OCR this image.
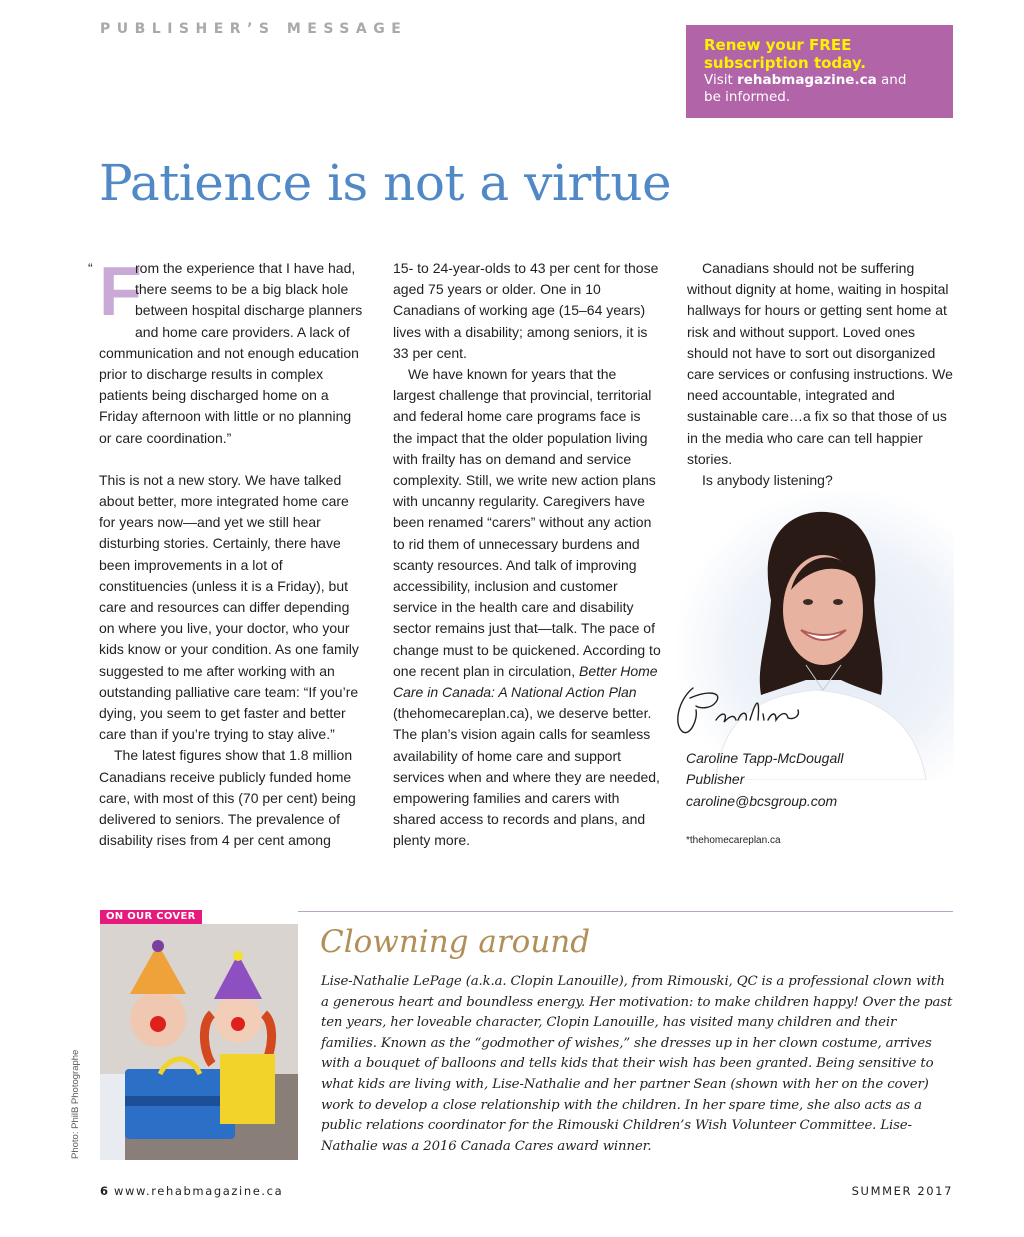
PUBLISHER’S MESSAGE
Renew your FREE
subscription today.
Visit rehabmagazine.ca and
be informed.
Patience is not a virtue
“ F
rom the experience that I have had, there seems to be a big black hole between hospital discharge planners and home care providers. A lack of communication and not enough education prior to discharge results in complex patients being discharged home on a Friday afternoon with little or no planning or care coordination.”

This is not a new story. We have talked about better, more integrated home care for years now—and yet we still hear disturbing stories. Certainly, there have been improvements in a lot of constituencies (unless it is a Friday), but care and resources can differ depending on where you live, your doctor, who your kids know or your condition. As one family suggested to me after working with an outstanding palliative care team: “If you’re dying, you seem to get faster and better care than if you’re trying to stay alive.”

The latest figures show that 1.8 million Canadians receive publicly funded home care, with most of this (70 per cent) being delivered to seniors. The prevalence of disability rises from 4 per cent among

15- to 24-year-olds to 43 per cent for those aged 75 years or older. One in 10 Canadians of working age (15–64 years) lives with a disability; among seniors, it is 33 per cent.

We have known for years that the largest challenge that provincial, territorial and federal home care programs face is the impact that the older population living with frailty has on demand and service complexity. Still, we write new action plans with uncanny regularity. Caregivers have been renamed “carers” without any action to rid them of unnecessary burdens and scanty resources. And talk of improving accessibility, inclusion and customer service in the health care and disability sector remains just that—talk. The pace of change must to be quickened. According to one recent plan in circulation, Better Home Care in Canada: A National Action Plan (thehomecareplan.ca), we deserve better. The plan’s vision again calls for seamless availability of home care and support services when and where they are needed, empowering families and carers with shared access to records and plans, and plenty more.

Canadians should not be suffering without dignity at home, waiting in hospital hallways for hours or getting sent home at risk and without support. Loved ones should not have to sort out disorganized care services or confusing instructions. We need accountable, integrated and sustainable care…a fix so that those of us in the media who care can tell happier stories.

Is anybody listening?

Caroline Tapp-McDougall
Publisher
caroline@bcsgroup.com
*thehomecareplan.ca
ON OUR COVER
Photo: PhilB Photographe
Clowning around
Lise-Nathalie LePage (a.k.a. Clopin Lanouille), from Rimouski, QC is a professional clown with a generous heart and boundless energy. Her motivation: to make children happy! Over the past ten years, her loveable character, Clopin Lanouille, has visited many children and their families. Known as the “godmother of wishes,” she dresses up in her clown costume, arrives with a bouquet of balloons and tells kids that their wish has been granted. Being sensitive to what kids are living with, Lise-Nathalie and her partner Sean (shown with her on the cover) work to develop a close relationship with the children. In her spare time, she also acts as a public relations coordinator for the Rimouski Children’s Wish Volunteer Committee. Lise-Nathalie was a 2016 Canada Cares award winner.
6 www.rehabmagazine.ca	SUMMER 2017
